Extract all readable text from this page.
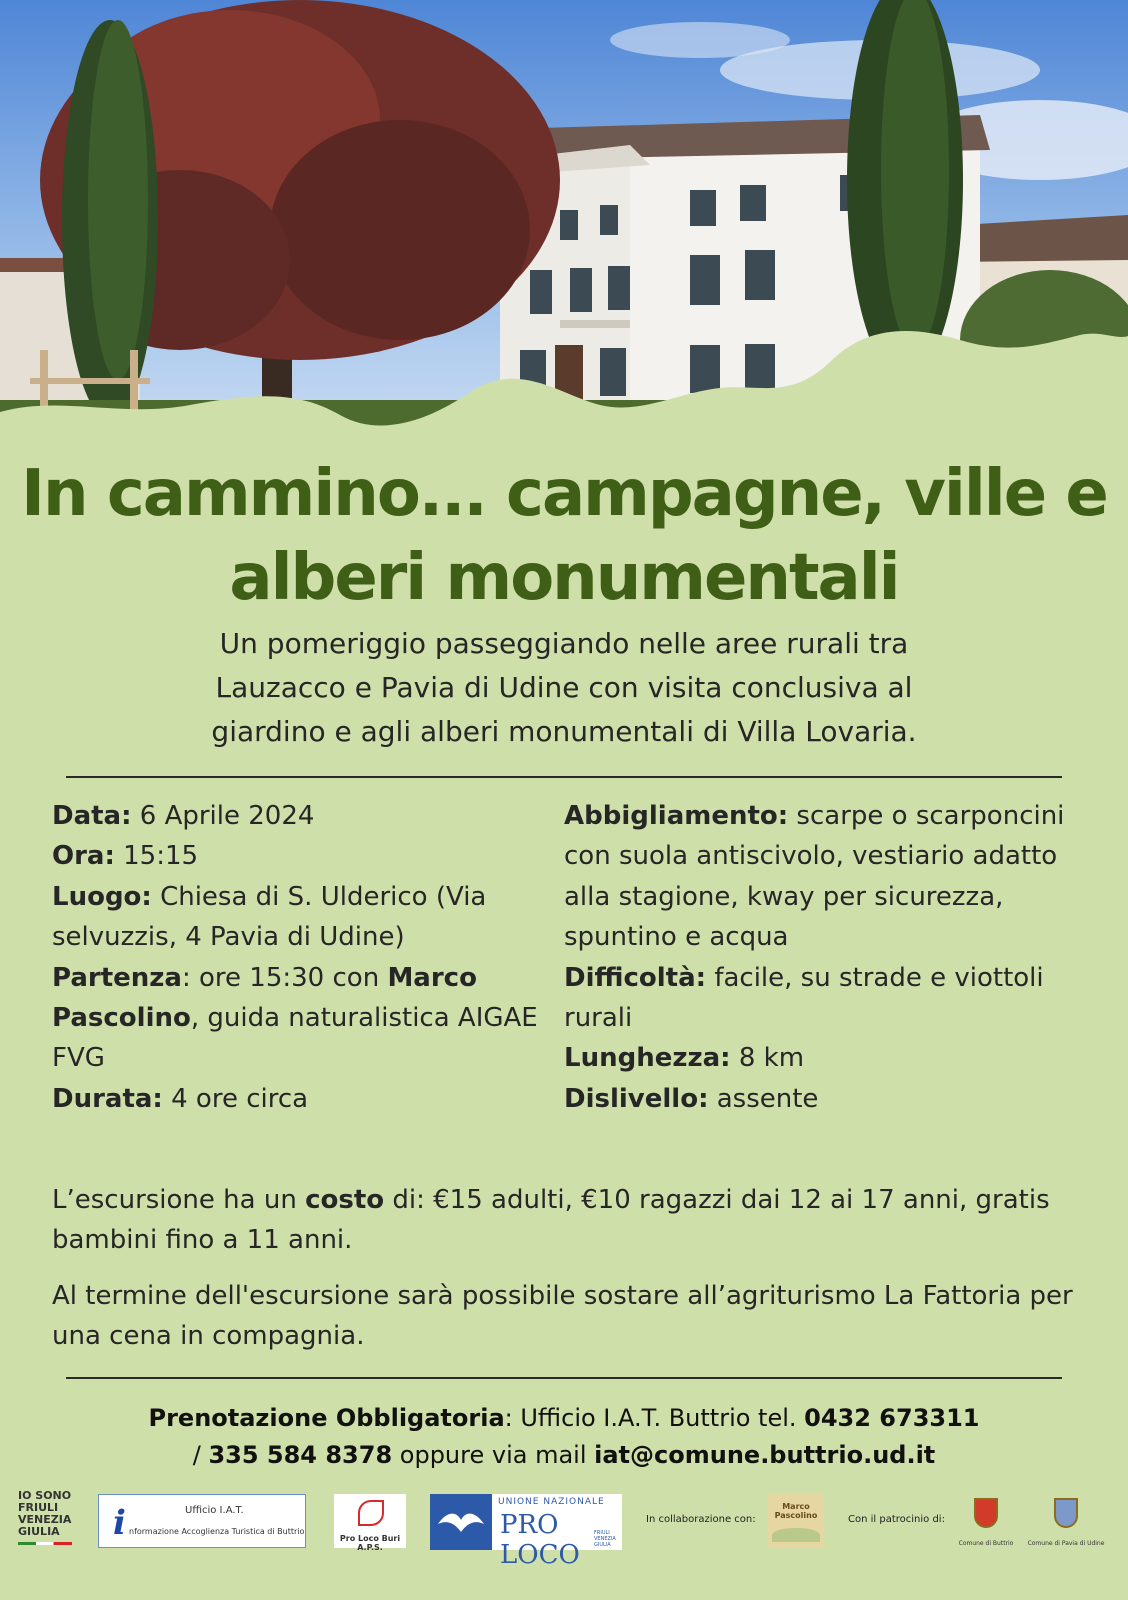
In cammino... campagne, ville e
alberi monumentali

Un pomeriggio passeggiando nelle aree rurali tra
Lauzacco e Pavia di Udine con visita conclusiva al
giardino e agli alberi monumentali di Villa Lovaria.

Data: 6 Aprile 2024

Ora: 15:15

Luogo: Chiesa di S. Ulderico (Via selvuzzis, 4 Pavia di Udine)

Partenza: ore 15:30 con Marco Pascolino, guida naturalistica AIGAE FVG

Durata: 4 ore circa

Abbigliamento: scarpe o scarponcini con suola antiscivolo, vestiario adatto alla stagione, kway per sicurezza, spuntino e acqua

Difficoltà: facile, su strade e viottoli rurali

Lunghezza: 8 km

Dislivello: assente

L’escursione ha un costo di: €15 adulti, €10 ragazzi dai 12 ai 17 anni, gratis bambini fino a 11 anni.

Al termine dell'escursione sarà possibile sostare all’agriturismo La Fattoria per una cena in compagnia.

Prenotazione Obbligatoria: Ufficio I.A.T. Buttrio tel. 0432 673311
/ 335 584 8378 oppure via mail iat@comune.buttrio.ud.it

IO SONO
FRIULI
VENEZIA
GIULIA	i	Ufficio I.A.T.
nformazione Accoglienza Turistica di Buttrio
Pro Loco Buri A.P.S.
UNIONE NAZIONALE
PRO LOCO
FRIULI
VENEZIA
GIULIA
In collaborazione con:
Marco
Pascolino	Con il patrocinio di:
Comune di Buttrio	Comune di Pavia di Udine
